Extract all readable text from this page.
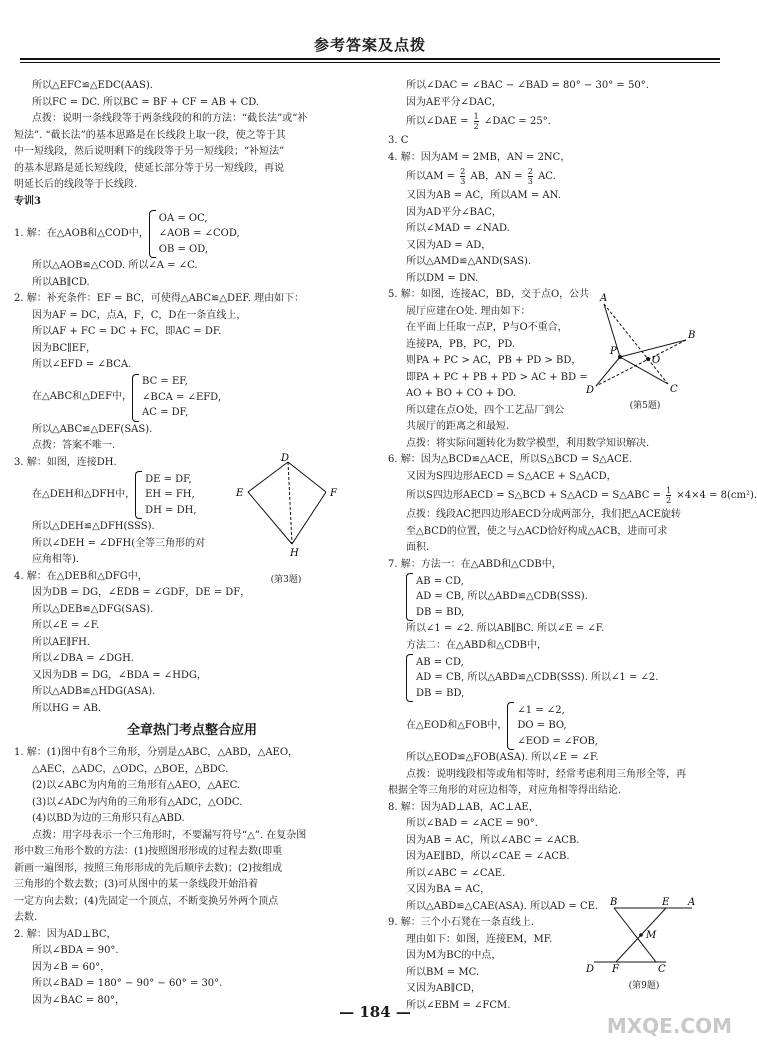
参考答案及点拨
所以△EFC≌△EDC(AAS).
所以FC = DC. 所以BC = BF + CF = AB + CD.
点拨：说明一条线段等于两条线段的和的方法：“截长法”或“补
短法”. “截长法”的基本思路是在长线段上取一段，使之等于其
中一短线段，然后说明剩下的线段等于另一短线段；“补短法”
的基本思路是延长短线段，使延长部分等于另一短线段，再说
明延长后的线段等于长线段.
专训3
1. 解：在△AOB和△COD中，
OA = OC,
∠AOB = ∠COD,
OB = OD,
所以△AOB≌△COD. 所以∠A = ∠C.
所以AB∥CD.
2. 解：补充条件：EF = BC，可使得△ABC≌△DEF. 理由如下：
因为AF = DC，点A，F，C，D在一条直线上，
所以AF + FC = DC + FC，即AC = DF.
因为BC∥EF，
所以∠EFD = ∠BCA.
在△ABC和△DEF中，
BC = EF,
∠BCA = ∠EFD,
AC = DF,
所以△ABC≌△DEF(SAS).
点拨：答案不唯一.
3. 解：如图，连接DH.
在△DEH和△DFH中，
DE = DF,
EH = FH,
DH = DH,
所以△DEH≌△DFH(SSS).
所以∠DEH = ∠DFH(全等三角形的对
应角相等).
4. 解：在△DEB和△DFG中，
因为DB = DG，∠EDB = ∠GDF，DE = DF，
所以△DEB≌△DFG(SAS).
所以∠E = ∠F.
所以AE∥FH.
所以∠DBA = ∠DGH.
又因为DB = DG，∠BDA = ∠HDG，
所以△ADB≌△HDG(ASA).
所以HG = AB.
全章热门考点整合应用
1. 解：(1)图中有8个三角形，分别是△ABC，△ABD，△AEO，
△AEC，△ADC，△ODC，△BOE，△BDC.
(2)以∠ABC为内角的三角形有△AEO，△AEC.
(3)以∠ADC为内角的三角形有△ADC，△ODC.
(4)以BD为边的三角形只有△ABD.
点拨：用字母表示一个三角形时，不要漏写符号“△”. 在复杂图
形中数三角形个数的方法：(1)按照图形形成的过程去数(即重
新画一遍图形，按照三角形形成的先后顺序去数)；(2)按组成
三角形的个数去数；(3)可从图中的某一条线段开始沿着
一定方向去数；(4)先固定一个顶点，不断变换另外两个顶点
去数.
2. 解：因为AD⊥BC，
所以∠BDA = 90°.
因为∠B = 60°，
所以∠BAD = 180° − 90° − 60° = 30°.
因为∠BAC = 80°，
D
E	F
H
(第3题)
所以∠DAC = ∠BAC − ∠BAD = 80° − 30° = 50°.
因为AE平分∠DAC，
所以∠DAE = $\frac{1}{2}$ ∠DAC = 25°.
3. C
4. 解：因为AM = 2MB，AN = 2NC，
所以AM = $\frac{2}{3}$ AB，AN = $\frac{2}{3}$ AC.
又因为AB = AC，所以AM = AN.
因为AD平分∠BAC，
所以∠MAD = ∠NAD.
又因为AD = AD，
所以△AMD≌△AND(SAS).
所以DM = DN.
5. 解：如图，连接AC，BD，交于点O，公共
展厅应建在O处. 理由如下：
在平面上任取一点P，P与O不重合，
连接PA，PB，PC，PD.
则PA + PC > AC，PB + PD > BD，
即PA + PC + PB + PD > AC + BD =
AO + BO + CO + DO.
所以建在点O处，四个工艺品厂到公
共展厅的距离之和最短.
点拨：将实际问题转化为数学模型，利用数学知识解决.
6. 解：因为△BCD≌△ACE，所以S△BCD = S△ACE.
又因为S四边形AECD = S△ACE + S△ACD，
所以S四边形AECD = S△BCD + S△ACD = S△ABC = $\frac{1}{2} \times 4\times 4 = 8(cm^2)$.
点拨：线段AC把四边形AECD分成两部分，我们把△ACE旋转
至△BCD的位置，使之与△ACD恰好构成△ACB，进而可求
面积.
7. 解：方法一：在△ABD和△CDB中，
AB = CD,
AD = CB, 所以△ABD≌△CDB(SSS).
DB = BD,
所以∠1 = ∠2. 所以AB∥BC. 所以∠E = ∠F.
方法二：在△ABD和△CDB中，
AB = CD,
AD = CB, 所以△ABD≌△CDB(SSS). 所以∠1 = ∠2.
DB = BD,
在△EOD和△FOB中，
∠1 = ∠2,
DO = BO,
∠EOD = ∠FOB,
所以△EOD≌△FOB(ASA). 所以∠E = ∠F.
点拨：说明线段相等或角相等时，经常考虑利用三角形全等，再
根据全等三角形的对应边相等，对应角相等得出结论.
8. 解：因为AD⊥AB，AC⊥AE，
所以∠BAD = ∠ACE = 90°.
因为AB = AC，所以∠ABC = ∠ACB.
因为AE∥BD，所以∠CAE = ∠ACB.
所以∠ABC = ∠CAE.
又因为BA = AC，
所以△ABD≌△CAE(ASA). 所以AD = CE.
9. 解：三个小石凳在一条直线上.
理由如下：如图，连接EM，MF.
因为M为BC的中点，
所以BM = MC.
又因为AB∥CD，
所以∠EBM = ∠FCM.
A
B
P
O
D	C
(第5题)
B	E A
M
D F	C
(第9题)
— 184 —
MXQE.COM
